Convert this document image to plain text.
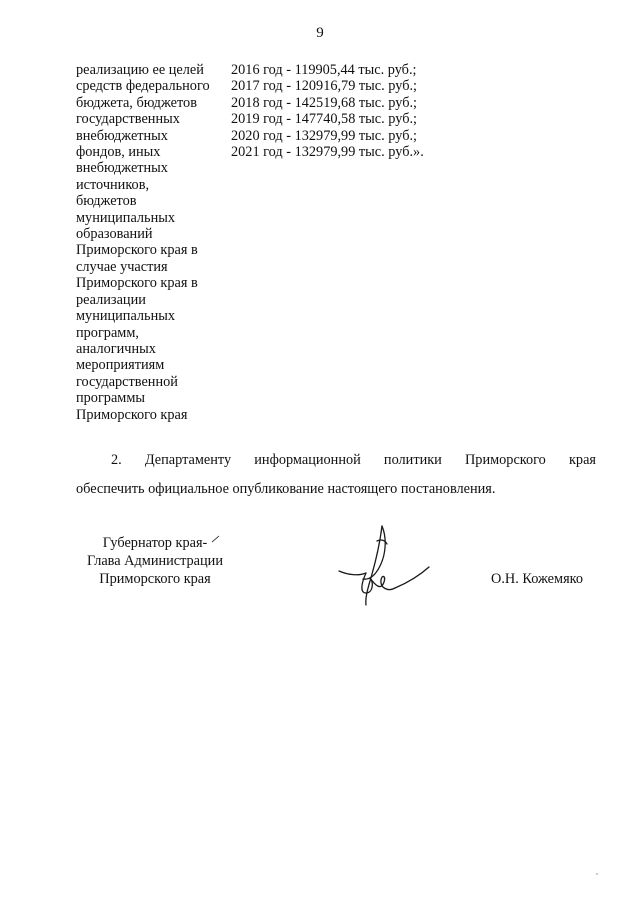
9
реализацию ее целей
средств федерального
бюджета, бюджетов
государственных
внебюджетных
фондов, иных
внебюджетных
источников,
бюджетов
муниципальных
образований
Приморского края в
случае участия
Приморского края в
реализации
муниципальных
программ,
аналогичных
мероприятиям
государственной
программы
Приморского края
2016 год - 119905,44 тыс. руб.;
2017 год - 120916,79 тыс. руб.;
2018 год - 142519,68 тыс. руб.;
2019 год - 147740,58 тыс. руб.;
2020 год - 132979,99 тыс. руб.;
2021 год - 132979,99 тыс. руб.».
2. Департаменту информационной политики Приморского края
обеспечить официальное опубликование настоящего постановления.
Губернатор края-
Глава Администрации
Приморского края	О.Н. Кожемяко
